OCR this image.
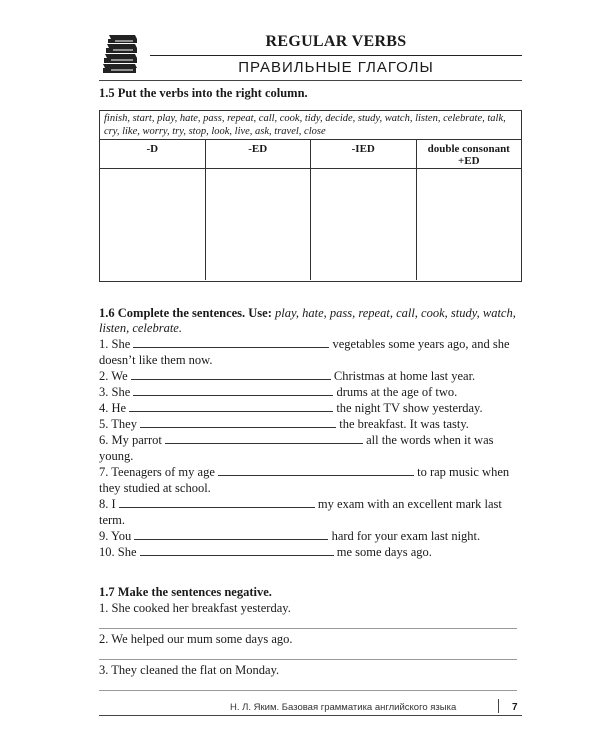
REGULAR VERBS
ПРАВИЛЬНЫЕ ГЛАГОЛЫ
1.5 Put the verbs into the right column.
finish, start, play, hate, pass, repeat, call, cook, tidy, decide, study, watch, listen, celebrate, talk, cry, like, worry, try, stop, look, live, ask, travel, close
-D	-ED	-IED	double consonant
+ED
1.6 Complete the sentences. Use: play, hate, pass, repeat, call, cook, study, watch,
listen, celebrate.
1. She	vegetables some years ago, and she
doesn’t like them now.
2. We	Christmas at home last year.
3. She	drums at the age of two.
4. He	the night TV show yesterday.
5. They	the breakfast. It was tasty.
6. My parrot	all the words when it was
young.
7. Teenagers of my age	to rap music when
they studied at school.
8. I	my exam with an excellent mark last
term.
9. You	hard for your exam last night.
10. She	me some days ago.
1.7 Make the sentences negative.
1. She cooked her breakfast yesterday.
2. We helped our mum some days ago.
3. They cleaned the flat on Monday.
Н. Л. Яким. Базовая грамматика английского языка	7
